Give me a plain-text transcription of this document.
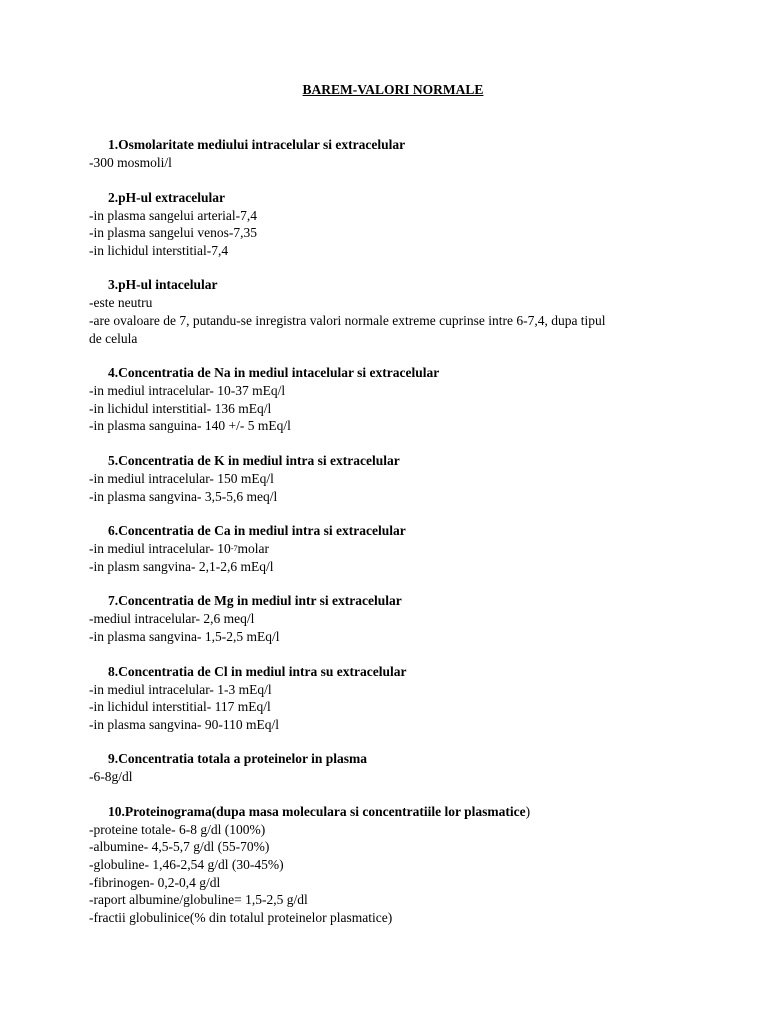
BAREM-VALORI NORMALE
1.Osmolaritate mediului intracelular si extracelular
-300 mosmoli/l
2.pH-ul extracelular
-in plasma sangelui arterial-7,4
-in plasma sangelui venos-7,35
-in lichidul interstitial-7,4
3.pH-ul intacelular
-este neutru
-are ovaloare de 7, putandu-se inregistra valori normale extreme cuprinse intre 6-7,4, dupa tipul
de celula
4.Concentratia de Na in mediul intacelular si extracelular
-in mediul intracelular- 10-37 mEq/l
-in lichidul interstitial- 136 mEq/l
-in plasma sanguina- 140 +/- 5 mEq/l
5.Concentratia de K in mediul intra si extracelular
-in mediul intracelular- 150 mEq/l
-in plasma sangvina- 3,5-5,6 meq/l
6.Concentratia de Ca in mediul intra si extracelular
-in mediul intracelular- $10^{-7}molar$
-in plasm sangvina- 2,1-2,6 mEq/l
7.Concentratia de Mg in mediul intr si extracelular
-mediul intracelular- 2,6 meq/l
-in plasma sangvina- 1,5-2,5 mEq/l
8.Concentratia de Cl in mediul intra su extracelular
-in mediul intracelular- 1-3 mEq/l
-in lichidul interstitial- 117 mEq/l
-in plasma sangvina- 90-110 mEq/l
9.Concentratia totala a proteinelor in plasma
-6-8g/dl
10.Proteinograma(dupa masa moleculara si concentratiile lor plasmatice)
-proteine totale- 6-8 g/dl (100%)
-albumine- 4,5-5,7 g/dl (55-70%)
-globuline- 1,46-2,54 g/dl (30-45%)
-fibrinogen- 0,2-0,4 g/dl
-raport albumine/globuline= 1,5-2,5 g/dl
-fractii globulinice(% din totalul proteinelor plasmatice)
